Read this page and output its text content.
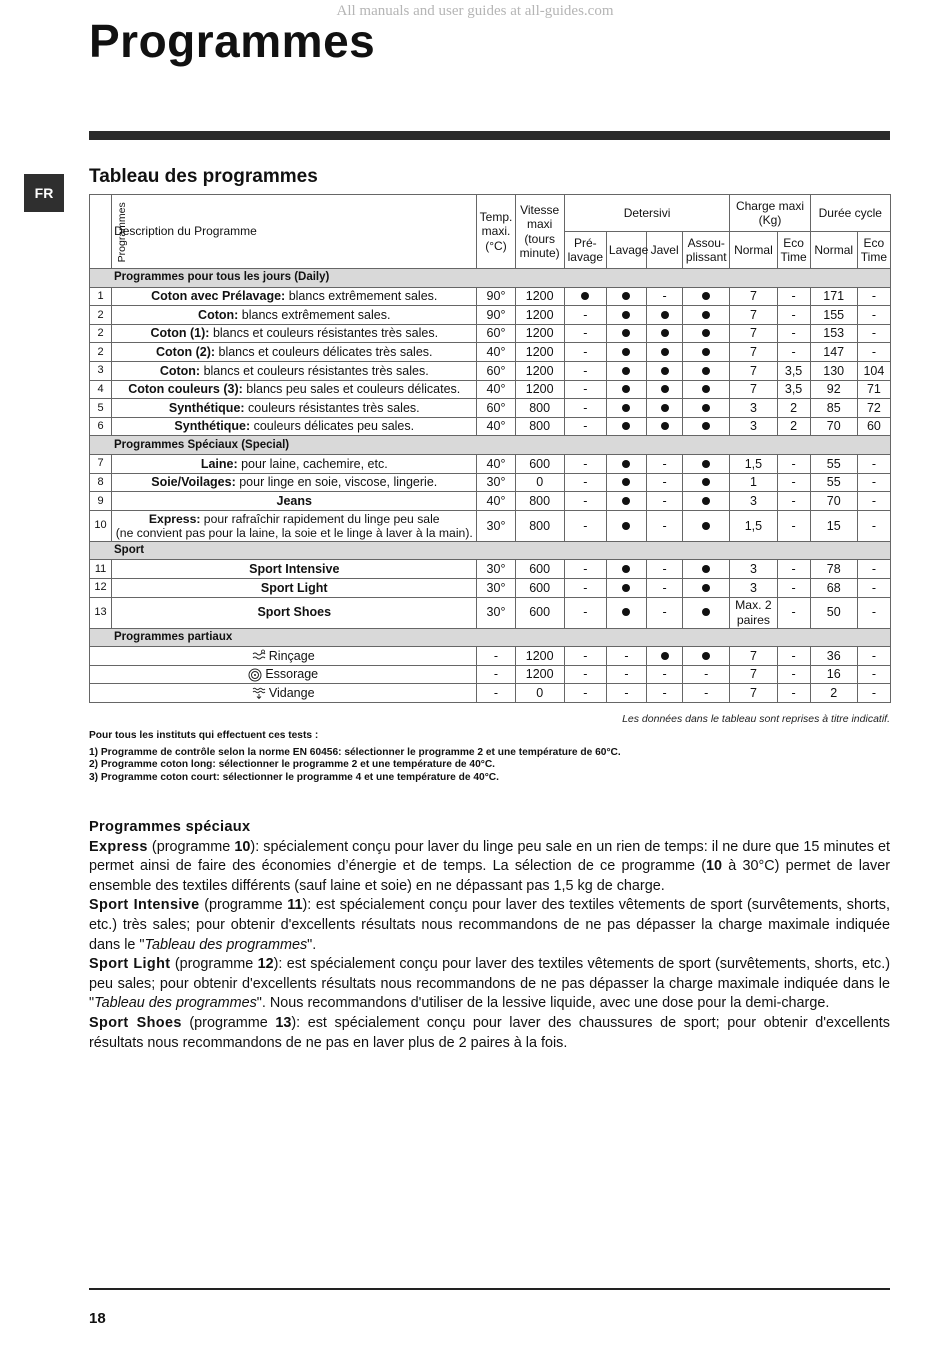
All manuals and user guides at all-guides.com
Programmes
FR
Tableau des programmes
Programmes	Description du Programme	Temp. maxi. (°C)	Vitesse maxi (tours minute)	Detersivi				Charge maxi (Kg)		Durée cycle	
				Pré-lavage	Lavage	Javel	Assou-plissant	Normal	Eco Time	Normal	Eco Time
Programmes pour tous les jours (Daily)											
1	Coton avec Prélavage: blancs extrêmement sales.	90°	1200			-		7	-	171	-
2	Coton: blancs extrêmement sales.	90°	1200	-				7	-	155	-
2	Coton (1): blancs et couleurs résistantes très sales.	60°	1200	-				7	-	153	-
2	Coton (2): blancs et couleurs délicates très sales.	40°	1200	-				7	-	147	-
3	Coton: blancs et couleurs résistantes très sales.	60°	1200	-				7	3,5	130	104
4	Coton couleurs (3): blancs peu sales et couleurs délicates.	40°	1200	-				7	3,5	92	71
5	Synthétique: couleurs résistantes très sales.	60°	800	-				3	2	85	72
6	Synthétique: couleurs délicates peu sales.	40°	800	-				3	2	70	60
Programmes Spéciaux (Special)											
7	Laine: pour laine, cachemire, etc.	40°	600	-		-		1,5	-	55	-
8	Soie/Voilages: pour linge en soie, viscose, lingerie.	30°	0	-		-		1	-	55	-
9	Jeans	40°	800	-		-		3	-	70	-
10	Express: pour rafraîchir rapidement du linge peu sale
(ne convient pas pour la laine, la soie et le linge à laver à la main).	30°	800	-		-		1,5	-	15	-
Sport											
11	Sport Intensive	30°	600	-		-		3	-	78	-
12	Sport Light	30°	600	-		-		3	-	68	-
13	Sport Shoes	30°	600	-		-		Max. 2 paires	-	50	-
Programmes partiaux											
Rinçage		-	1200	-	-			7	-	36	-
Essorage		-	1200	-	-	-	-	7	-	16	-
Vidange		-	0	-	-	-	-	7	-	2	-
Les données dans le tableau sont reprises à titre indicatif.
Pour tous les instituts qui effectuent ces tests :
1) Programme de contrôle selon la norme EN 60456: sélectionner le programme 2 et une température de 60°C.
2) Programme coton long: sélectionner le programme 2 et une température de 40°C.
3) Programme coton court: sélectionner le programme 4 et une température de 40°C.
Programmes spéciaux

Express (programme 10): spécialement conçu pour laver du linge peu sale en un rien de temps: il ne dure que 15 minutes et permet ainsi de faire des économies d’énergie et de temps. La sélection de ce programme (10 à 30°C) permet de laver ensemble des textiles différents (sauf laine et soie) en ne dépassant pas 1,5 kg de charge.

Sport Intensive (programme 11): est spécialement conçu pour laver des textiles vêtements de sport (survêtements, shorts, etc.) très sales; pour obtenir d'excellents résultats nous recommandons de ne pas dépasser la charge maximale indiquée dans le "Tableau des programmes".

Sport Light (programme 12): est spécialement conçu pour laver des textiles vêtements de sport (survêtements, shorts, etc.) peu sales; pour obtenir d'excellents résultats nous recommandons de ne pas dépasser la charge maximale indiquée dans le "Tableau des programmes". Nous recommandons d'utiliser de la lessive liquide, avec une dose pour la demi-charge.

Sport Shoes (programme 13): est spécialement conçu pour laver des chaussures de sport; pour obtenir d'excellents résultats nous recommandons de ne pas en laver plus de 2 paires à la fois.

18
